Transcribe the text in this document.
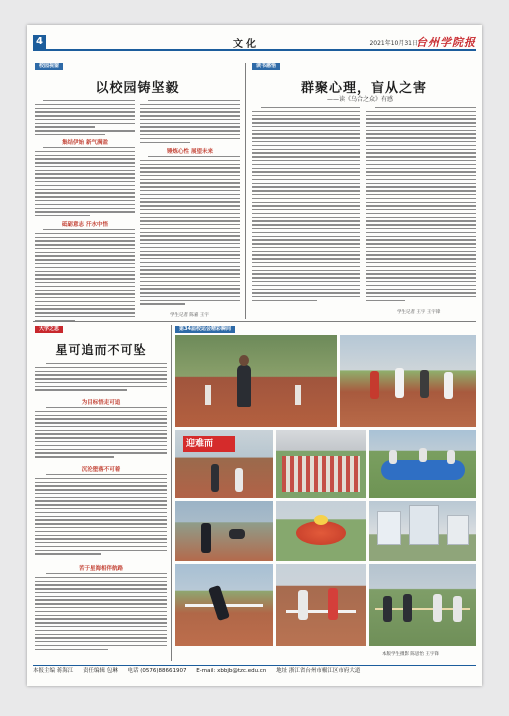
4	文化	2021年10月31日
台州学院报
校园视窗
以校园铸坚毅
集结伊始 新气满盈
砥砺意志 汗水中悟
锤炼心性 展望未来
学生记者 陈嘉 王宇
读书感悟
群聚心理，盲从之害
——读《乌合之众》有感
学生记者 王宇 王宇锋
大学之思
星可追而不可坠
为目标悟走可追
沉沦堕落不可着
苦于星海相伴航路
第34届校运会精彩瞬间
迎难而
本版学生摄影 陈思怡 王宇锋
本报主编 蒋海江 责任编辑 包琳 电话 (0576)88661907 E-mail: xbbjb@tzc.edu.cn 地址 浙江省台州市椒江区市府大道
